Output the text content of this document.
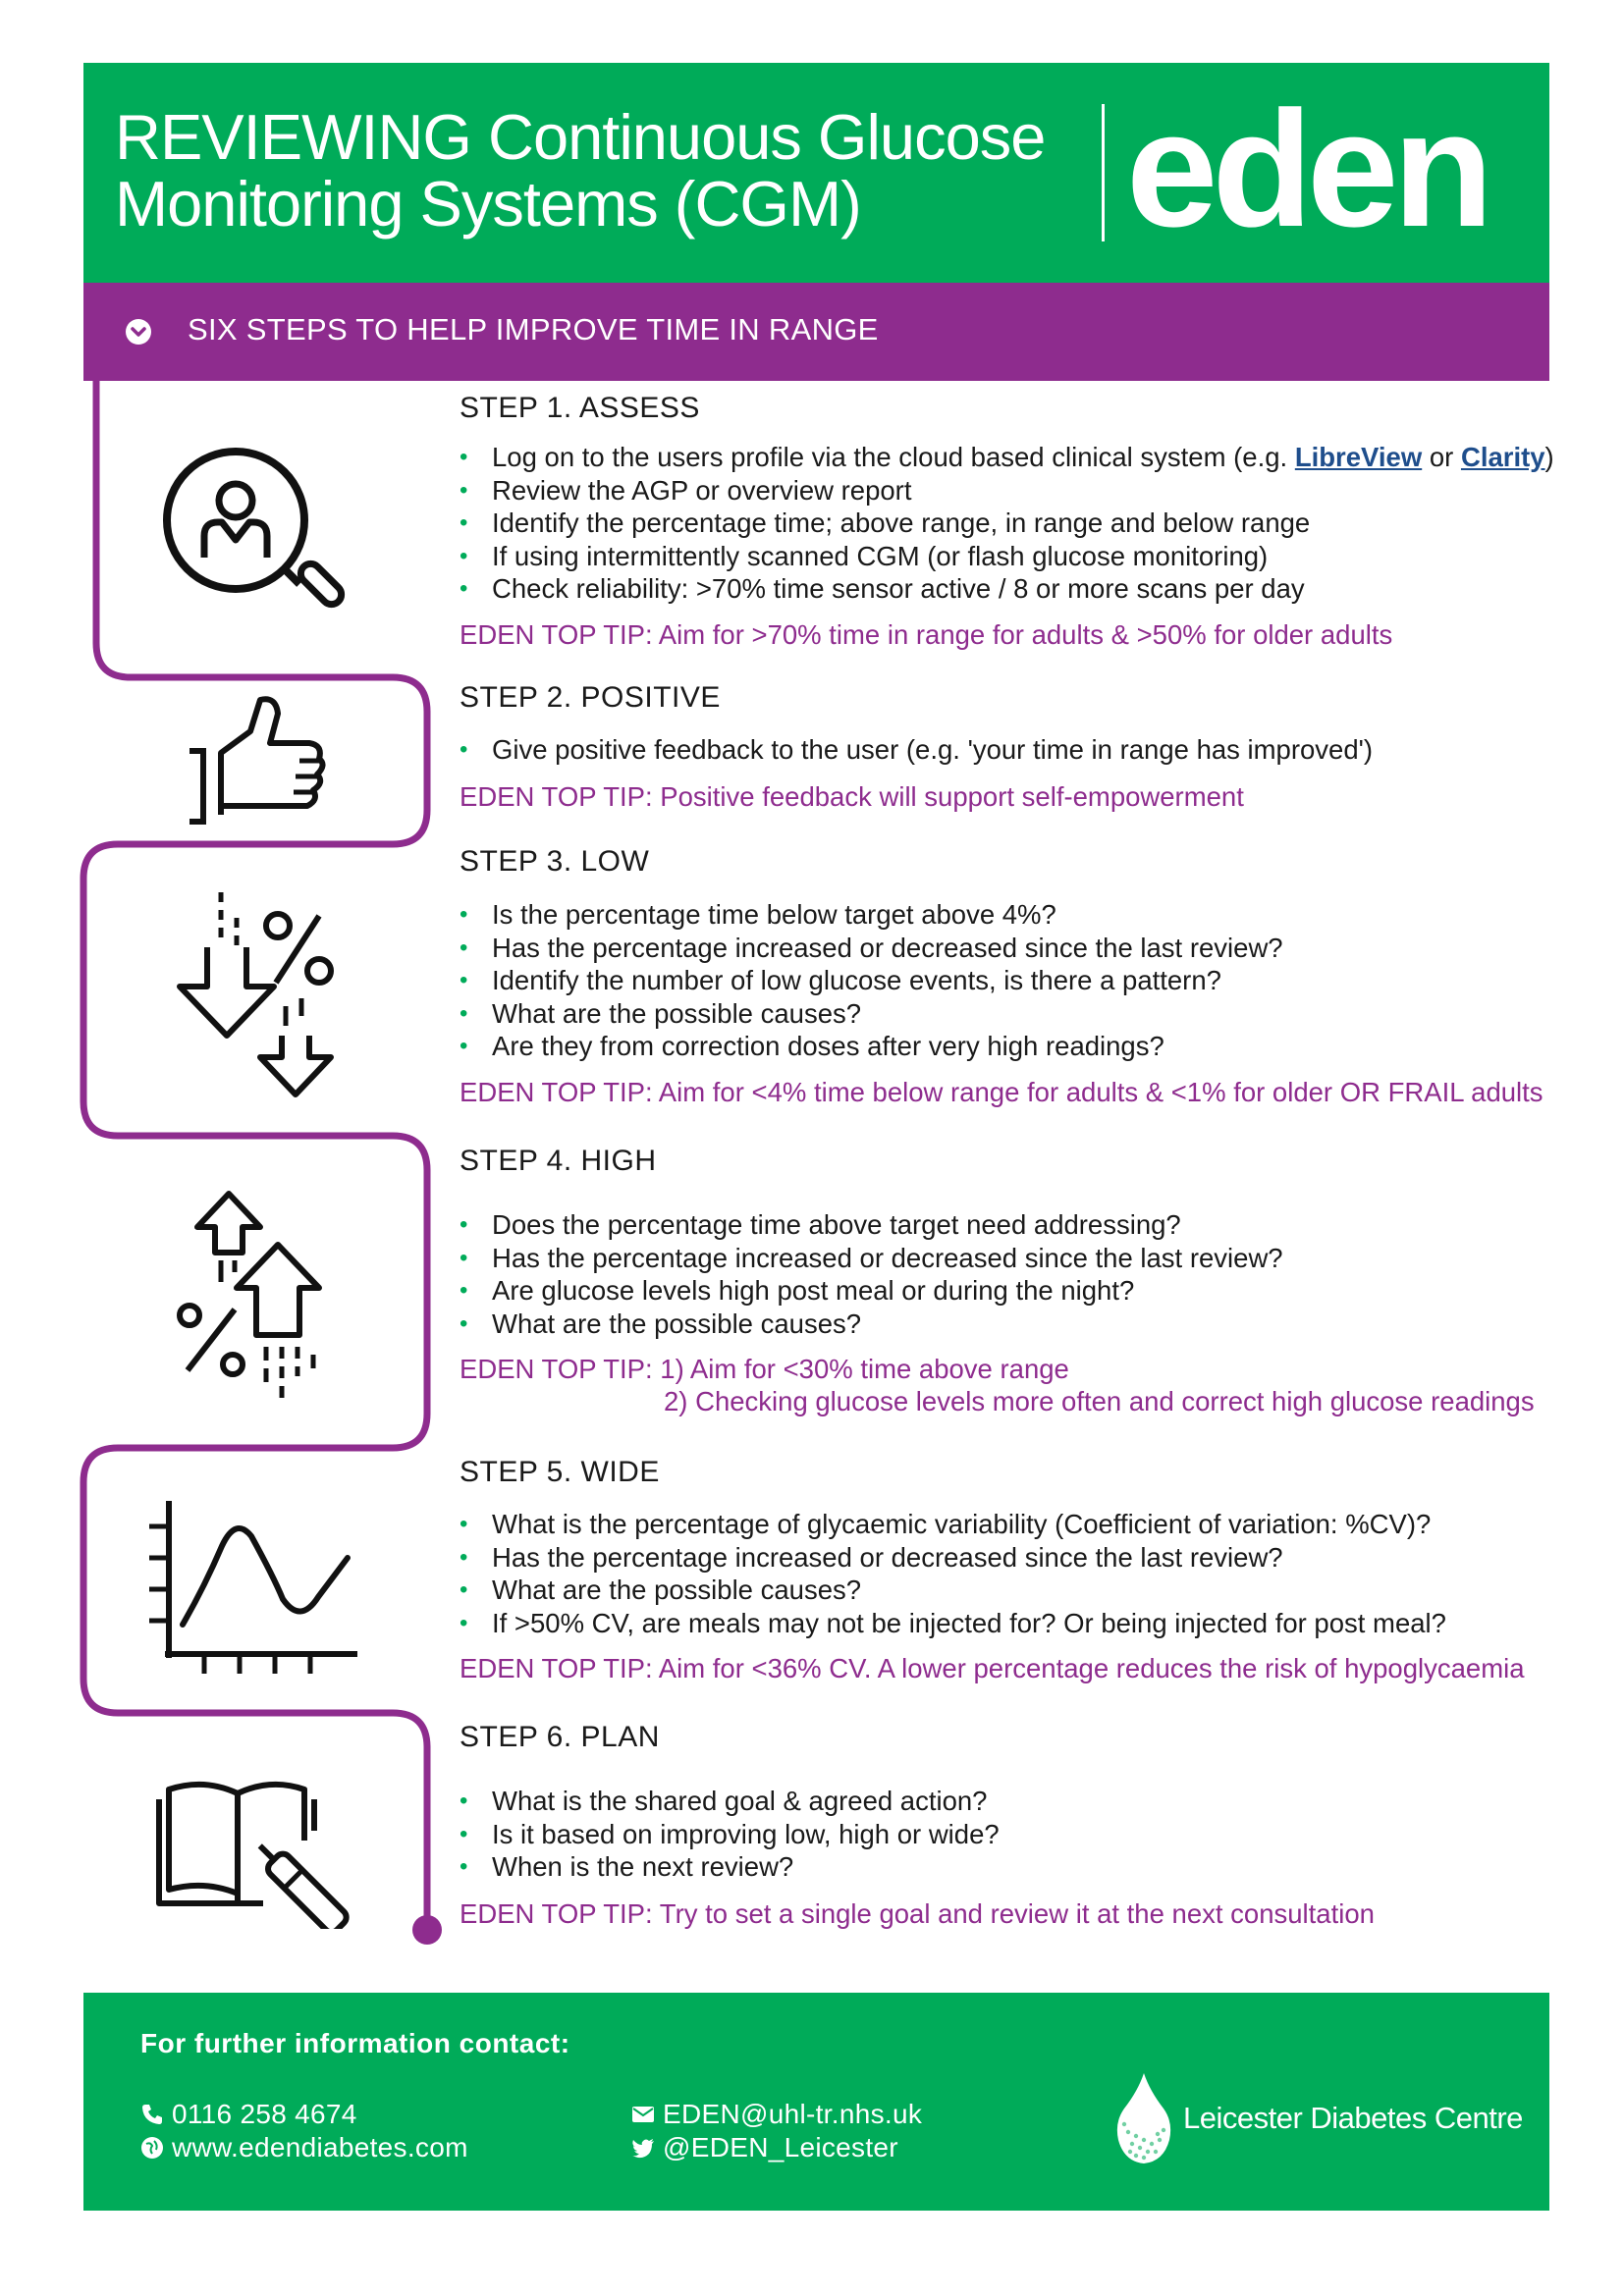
REVIEWING Continuous Glucose
Monitoring Systems (CGM)	eden
SIX STEPS TO HELP IMPROVE TIME IN RANGE

STEP 1. ASSESS

• Log on to the users profile via the cloud based clinical system (e.g. LibreView or Clarity)
• Review the AGP or overview report
• Identify the percentage time; above range, in range and below range
• If using intermittently scanned CGM (or flash glucose monitoring)
• Check reliability: >70% time sensor active / 8 or more scans per day
EDEN TOP TIP: Aim for >70% time in range for adults & >50% for older adults

STEP 2. POSITIVE

• Give positive feedback to the user (e.g. 'your time in range has improved')
EDEN TOP TIP: Positive feedback will support self-empowerment

STEP 3. LOW

• Is the percentage time below target above 4%?
• Has the percentage increased or decreased since the last review?
• Identify the number of low glucose events, is there a pattern?
• What are the possible causes?
• Are they from correction doses after very high readings?
EDEN TOP TIP: Aim for <4% time below range for adults & <1% for older OR FRAIL adults

STEP 4. HIGH

• Does the percentage time above target need addressing?
• Has the percentage increased or decreased since the last review?
• Are glucose levels high post meal or during the night?
• What are the possible causes?
EDEN TOP TIP: 1) Aim for <30% time above range
2) Checking glucose levels more often and correct high glucose readings

STEP 5. WIDE

• What is the percentage of glycaemic variability (Coefficient of variation: %CV)?
• Has the percentage increased or decreased since the last review?
• What are the possible causes?
• If >50% CV, are meals may not be injected for? Or being injected for post meal?
EDEN TOP TIP: Aim for <36% CV. A lower percentage reduces the risk of hypoglycaemia

STEP 6. PLAN

• What is the shared goal & agreed action?
• Is it based on improving low, high or wide?
• When is the next review?
EDEN TOP TIP: Try to set a single goal and review it at the next consultation
For further information contact:
0116 258 4674
www.edendiabetes.com
EDEN@uhl-tr.nhs.uk
@EDEN_Leicester
Leicester Diabetes Centre
